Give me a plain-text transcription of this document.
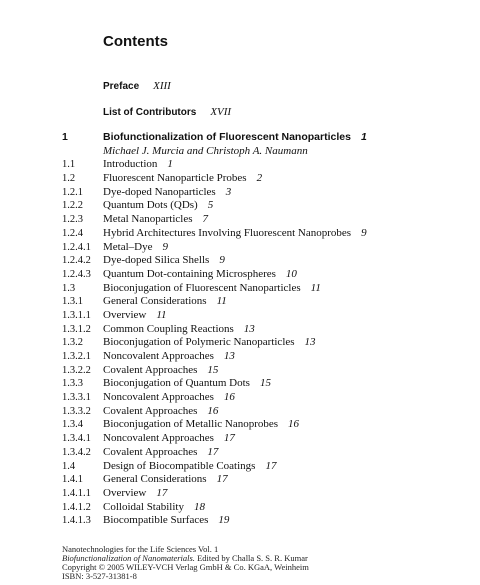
Contents
Preface XIII
List of Contributors XVII
1	Biofunctionalization of Fluorescent Nanoparticles 1
Michael J. Murcia and Christoph A. Naumann
1.1	Introduction 1
1.2	Fluorescent Nanoparticle Probes 2
1.2.1 Dye-doped Nanoparticles 3
1.2.2 Quantum Dots (QDs) 5
1.2.3 Metal Nanoparticles 7
1.2.4 Hybrid Architectures Involving Fluorescent Nanoprobes 9
1.2.4.1 Metal–Dye 9
1.2.4.2 Dye-doped Silica Shells 9
1.2.4.3 Quantum Dot-containing Microspheres 10
1.3	Bioconjugation of Fluorescent Nanoparticles 11
1.3.1 General Considerations 11
1.3.1.1 Overview 11
1.3.1.2 Common Coupling Reactions 13
1.3.2 Bioconjugation of Polymeric Nanoparticles 13
1.3.2.1 Noncovalent Approaches 13
1.3.2.2 Covalent Approaches 15
1.3.3 Bioconjugation of Quantum Dots 15
1.3.3.1 Noncovalent Approaches 16
1.3.3.2 Covalent Approaches 16
1.3.4 Bioconjugation of Metallic Nanoprobes 16
1.3.4.1 Noncovalent Approaches 17
1.3.4.2 Covalent Approaches 17
1.4	Design of Biocompatible Coatings 17
1.4.1 General Considerations 17
1.4.1.1 Overview 17
1.4.1.2 Colloidal Stability 18
1.4.1.3 Biocompatible Surfaces 19
Nanotechnologies for the Life Sciences Vol. 1
Biofunctionalization of Nanomaterials. Edited by Challa S. S. R. Kumar
Copyright © 2005 WILEY-VCH Verlag GmbH & Co. KGaA, Weinheim
ISBN: 3-527-31381-8
